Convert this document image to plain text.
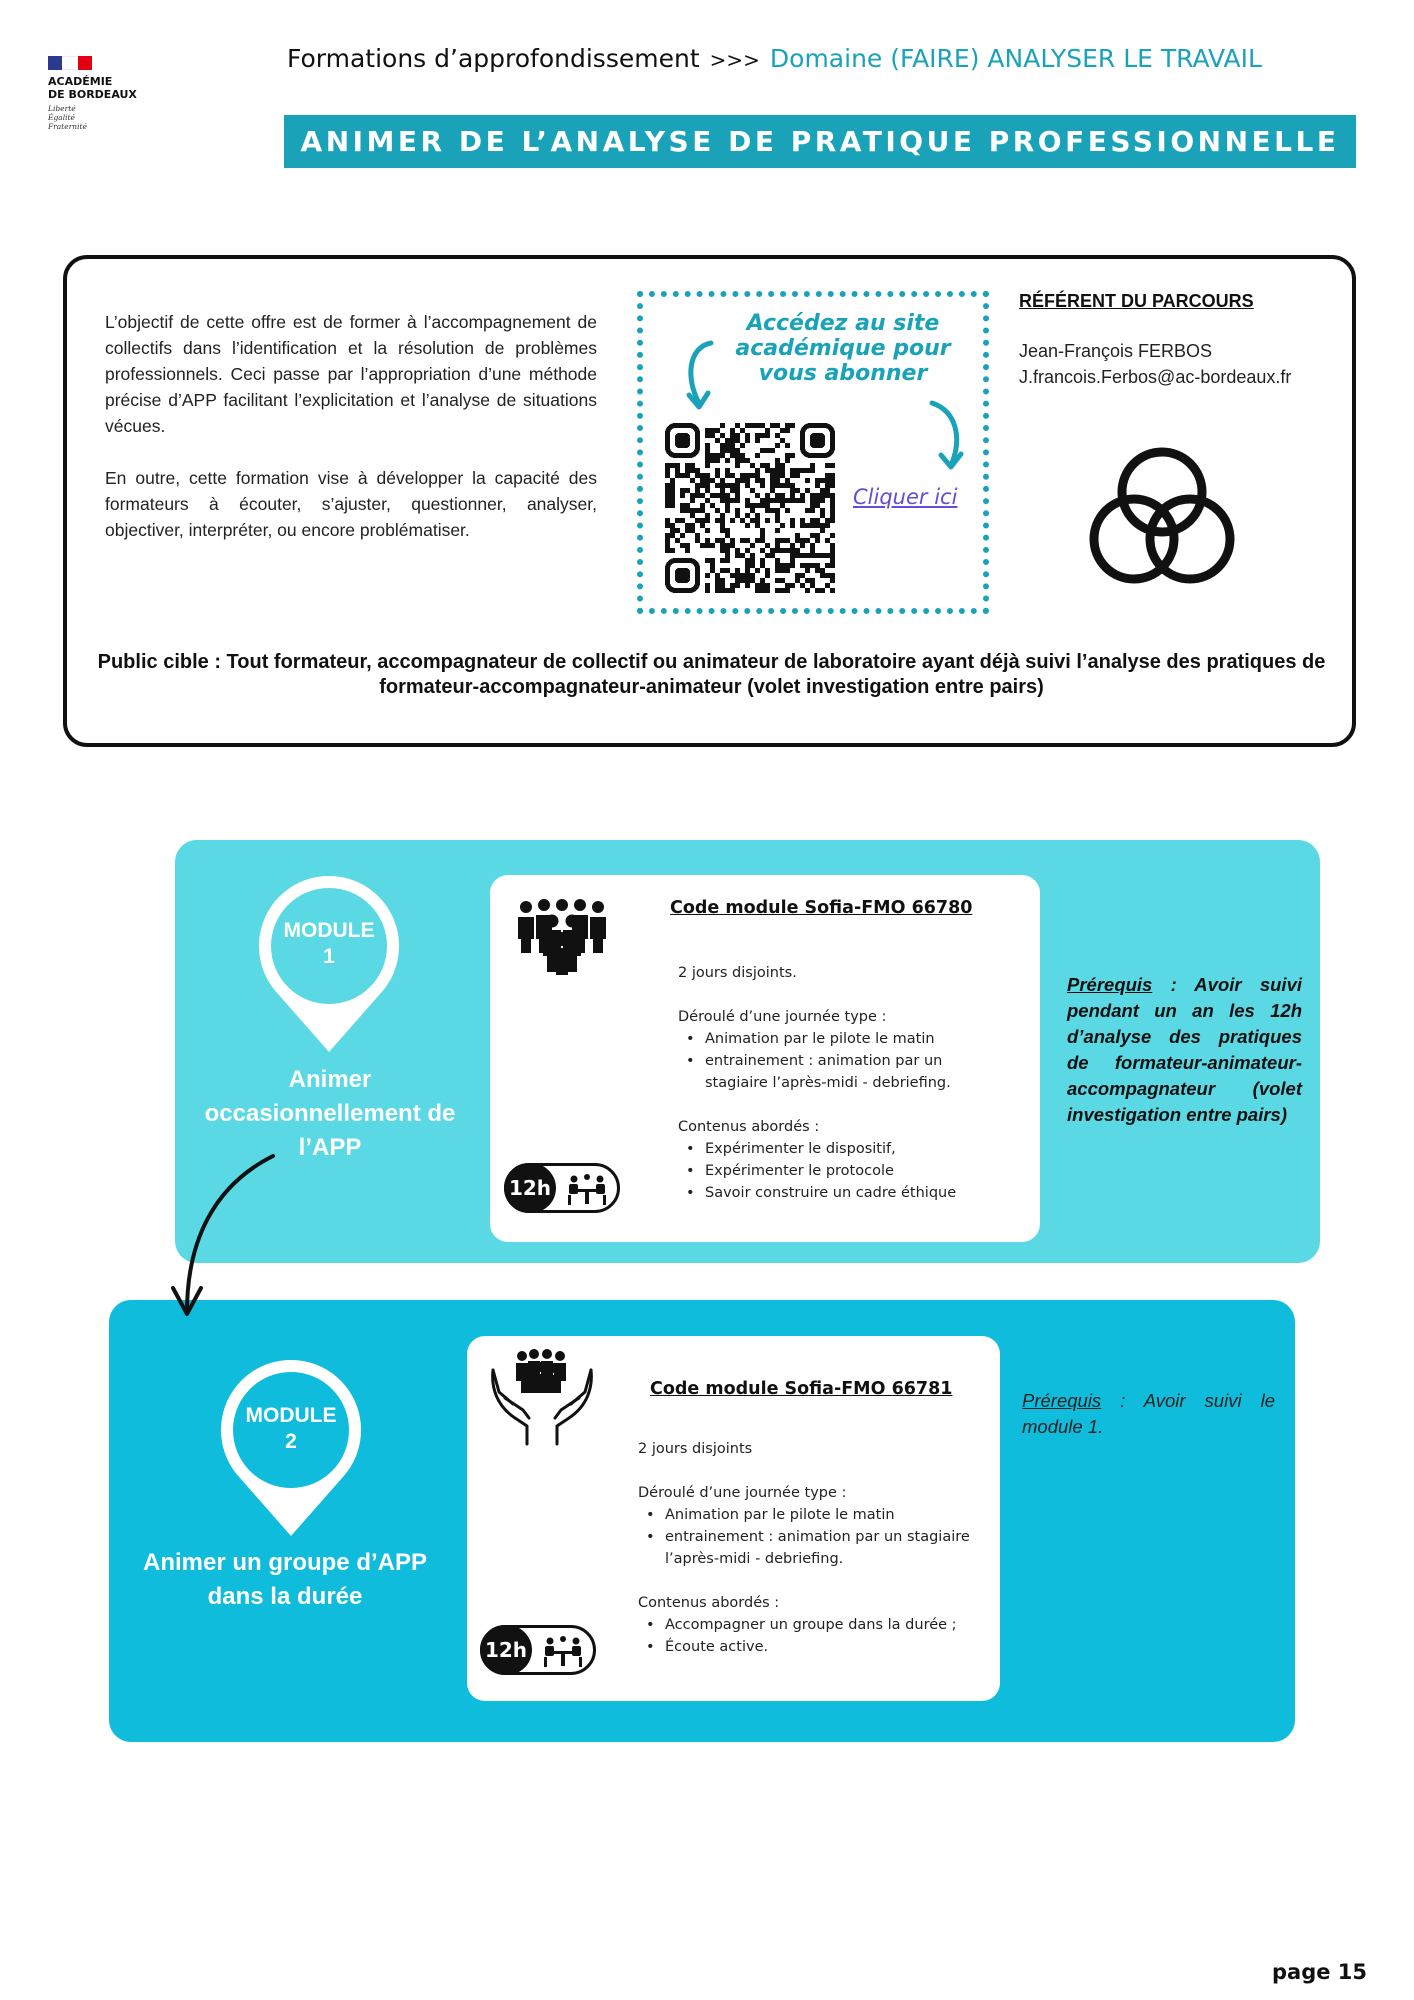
ACADÉMIE
DE BORDEAUX
Liberté
Égalité
Fraternité
Formations d’approfondissement >>> Domaine (FAIRE) ANALYSER LE TRAVAIL
ANIMER DE L’ANALYSE DE PRATIQUE PROFESSIONNELLE

L’objectif de cette offre est de former à l’accompagnement de collectifs dans l’identification et la résolution de problèmes professionnels. Ceci passe par l’appropriation d’une méthode précise d’APP facilitant l’explicitation et l’analyse de situations vécues.

En outre, cette formation vise à développer la capacité des formateurs à écouter, s’ajuster, questionner, analyser, objectiver, interpréter, ou encore problématiser.

Accédez au site académique pour vous abonner
Cliquer ici
RÉFÉRENT DU PARCOURS
Jean-François FERBOS
J.francois.Ferbos@ac-bordeaux.fr
Public cible : Tout formateur, accompagnateur de collectif ou animateur de laboratoire ayant déjà suivi l’analyse des pratiques de formateur-accompagnateur-animateur (volet investigation entre pairs)
MODULE
1
Animer occasionnellement de l’APP
Code module Sofia-FMO 66780
2 jours disjoints.
Déroulé d’une journée type :
• Animation par le pilote le matin
• entrainement : animation par un stagiaire l’après-midi - debriefing.
Contenus abordés :
• Expérimenter le dispositif,
• Expérimenter le protocole
• Savoir construire un cadre éthique
12h
Prérequis : Avoir suivi pendant un an les 12h d’analyse des pratiques de formateur-animateur-accompagnateur (volet investigation entre pairs)
MODULE
2
Animer un groupe d’APP dans la durée
Code module Sofia-FMO 66781
2 jours disjoints
Déroulé d’une journée type :
• Animation par le pilote le matin
• entrainement : animation par un stagiaire l’après-midi - debriefing.
Contenus abordés :
• Accompagner un groupe dans la durée ;
• Écoute active.
12h
Prérequis : Avoir suivi le module 1.
page 15
